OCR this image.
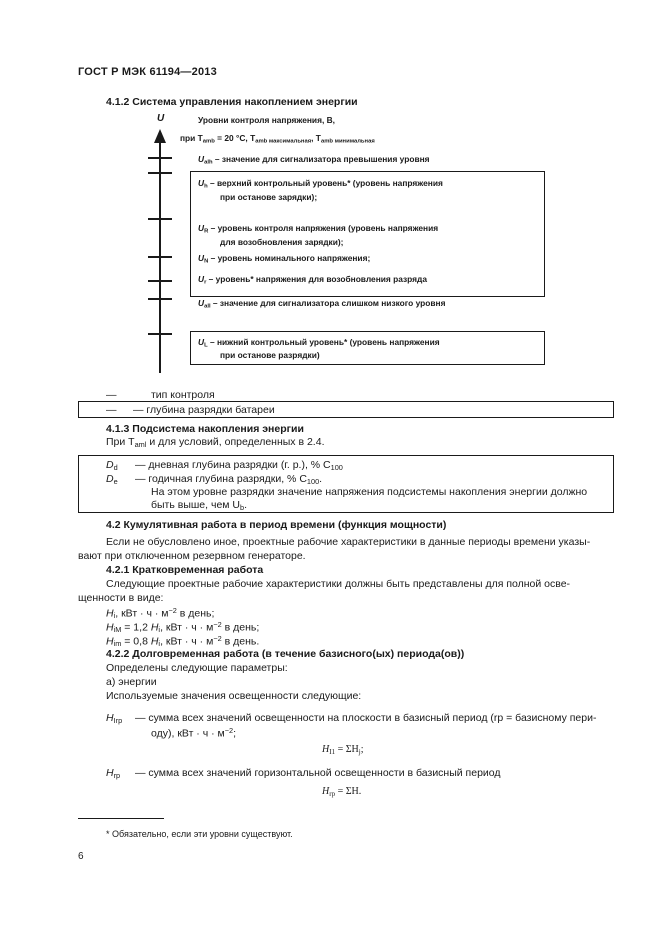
ГОСТ Р МЭК 61194—2013
4.1.2 Система управления накоплением энергии
U	Уровни контроля напряжения, В,
при $T_{amb} = 20$ °С, $T_{amb максимальная}$, $T_{amb минимальная}$
$U_{alh}$ – значение для сигнализатора превышения уровня
$U_h$ – верхний контрольный уровень* (уровень напряжения
при останове зарядки);
$U_R$ – уровень контроля напряжения (уровень напряжения
для возобновления зарядки);
$U_N$ – уровень номинального напряжения;
$U_r$ – уровень* напряжения для возобновления разряда
$U_{all}$ – значение для сигнализатора слишком низкого уровня
$U_L$ – нижний контрольный уровень* (уровень напряжения
при останове разрядки)
—	тип контроля
— — глубина разрядки батареи
4.1.3 Подсистема накопления энергии
При $T_{aml}$ и для условий, определенных в 2.4.
$D_d$ — дневная глубина разрядки (г. р.), % $С_{100}$
$D_e$ — годичная глубина разрядки, % $С_{100}$.
На этом уровне разрядки значение напряжения подсистемы накопления энергии должно
быть выше, чем $U_b$.
4.2 Кумулятивная работа в период времени (функция мощности)
Если не обусловлено иное, проектные рабочие характеристики в данные периоды времени указы-
вают при отключенном резервном генераторе.
4.2.1 Кратковременная работа
Следующие проектные рабочие характеристики должны быть представлены для полной осве-
щенности в виде:
$H_i$, кВт · $ч \cdot м^{-2}$ в день;
$H_{iM} = 1,2$ $H_i$, кВт · $ч \cdot м^{-2}$ в день;
$H_{im} = 0,8$ $H_i$, кВт · $ч \cdot м^{-2}$ в день.
4.2.2 Долговременная работа (в течение базисного(ых) периода(ов))
Определены следующие параметры:
а) энергии
Используемые значения освещенности следующие:
$H_{Irp}$ — сумма всех значений освещенности на плоскости в базисный период (rp = базисному пери-
оду), кВт · $ч \cdot м^{-2}$;
$H_{I1} = \Sigma H_j$;
$H_{rp}$ — сумма всех значений горизонтальной освещенности в базисный период
$H_{rp} = \Sigma H$.
* Обязательно, если эти уровни существуют.
6
